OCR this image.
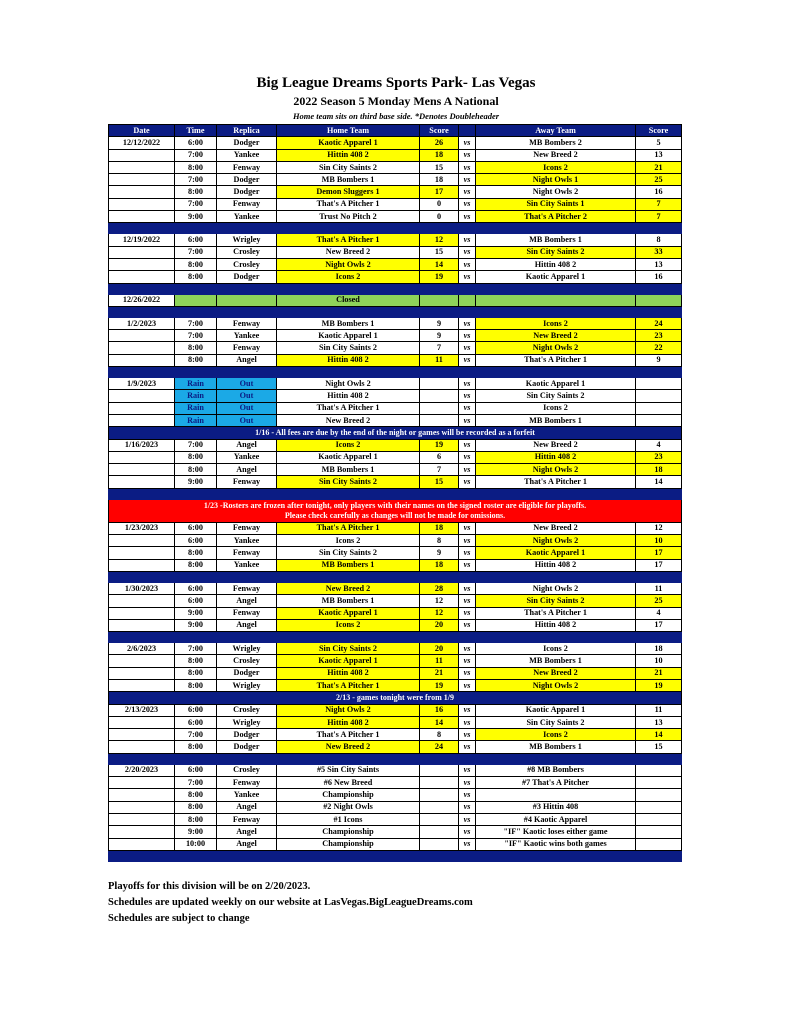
Big League Dreams Sports Park- Las Vegas
2022 Season 5 Monday Mens A National
Home team sits on third base side. *Denotes Doubleheader
Date	Time	Replica	Home Team	Score		Away Team	Score
12/12/2022	6:00	Dodger	Kaotic Apparel 1	26	vs	MB Bombers 2	5
	7:00	Yankee	Hittin 408 2	18	vs	New Breed 2	13
	8:00	Fenway	Sin City Saints 2	15	vs	Icons 2	21
	7:00	Dodger	MB Bombers 1	18	vs	Night Owls 1	25
	8:00	Dodger	Demon Sluggers 1	17	vs	Night Owls 2	16
	7:00	Fenway	That's A Pitcher 1	0	vs	Sin City Saints 1	7
	9:00	Yankee	Trust No Pitch 2	0	vs	That's A Pitcher 2	7

12/19/2022	6:00	Wrigley	That's A Pitcher 1	12	vs	MB Bombers 1	8
	7:00	Crosley	New Breed 2	15	vs	Sin City Saints 2	33
	8:00	Crosley	Night Owls 2	14	vs	Hittin 408 2	13
	8:00	Dodger	Icons 2	19	vs	Kaotic Apparel 1	16

12/26/2022			Closed				

1/2/2023	7:00	Fenway	MB Bombers 1	9	vs	Icons 2	24
	7:00	Yankee	Kaotic Apparel 1	9	vs	New Breed 2	23
	8:00	Fenway	Sin City Saints 2	7	vs	Night Owls 2	22
	8:00	Angel	Hittin 408 2	11	vs	That's A Pitcher 1	9

1/9/2023	Rain	Out	Night Owls 2		vs	Kaotic Apparel 1	
	Rain	Out	Hittin 408 2		vs	Sin City Saints 2	
	Rain	Out	That's A Pitcher 1		vs	Icons 2	
	Rain	Out	New Breed 2		vs	MB Bombers 1	
1/16 - All fees are due by the end of the night or games will be recorded as a forfeit							
1/16/2023	7:00	Angel	Icons 2	19	vs	New Breed 2	4
	8:00	Yankee	Kaotic Apparel 1	6	vs	Hittin 408 2	23
	8:00	Angel	MB Bombers 1	7	vs	Night Owls 2	18
	9:00	Fenway	Sin City Saints 2	15	vs	That's A Pitcher 1	14

1/23 -Rosters are frozen after tonight, only players with their names on the signed roster are eligible for playoffs.
Please check carefully as changes will not be made for omissions.							

1/23/2023	6:00	Fenway	That's A Pitcher 1	18	vs	New Breed 2	12
	6:00	Yankee	Icons 2	8	vs	Night Owls 2	10
	8:00	Fenway	Sin City Saints 2	9	vs	Kaotic Apparel 1	17
	8:00	Yankee	MB Bombers 1	18	vs	Hittin 408 2	17

1/30/2023	6:00	Fenway	New Breed 2	28	vs	Night Owls 2	11
	6:00	Angel	MB Bombers 1	12	vs	Sin City Saints 2	25
	9:00	Fenway	Kaotic Apparel 1	12	vs	That's A Pitcher 1	4
	9:00	Angel	Icons 2	20	vs	Hittin 408 2	17

2/6/2023	7:00	Wrigley	Sin City Saints 2	20	vs	Icons 2	18
	8:00	Crosley	Kaotic Apparel 1	11	vs	MB Bombers 1	10
	8:00	Dodger	Hittin 408 2	21	vs	New Breed 2	21
	8:00	Wrigley	That's A Pitcher 1	19	vs	Night Owls 2	19
2/13 - games tonight were from 1/9							
2/13/2023	6:00	Crosley	Night Owls 2	16	vs	Kaotic Apparel 1	11
	6:00	Wrigley	Hittin 408 2	14	vs	Sin City Saints 2	13
	7:00	Dodger	That's A Pitcher 1	8	vs	Icons 2	14
	8:00	Dodger	New Breed 2	24	vs	MB Bombers 1	15

2/20/2023	6:00	Crosley	#5 Sin City Saints		vs	#8 MB Bombers	
	7:00	Fenway	#6 New Breed		vs	#7 That's A Pitcher	
	8:00	Yankee	Championship		vs		
	8:00	Angel	#2 Night Owls		vs	#3 Hittin 408	
	8:00	Fenway	#1 Icons		vs	#4 Kaotic Apparel	
	9:00	Angel	Championship		vs	"IF" Kaotic loses either game	
	10:00	Angel	Championship		vs	"IF" Kaotic wins both games	

Playoffs for this division will be on 2/20/2023.
Schedules are updated weekly on our website at LasVegas.BigLeagueDreams.com
Schedules are subject to change
